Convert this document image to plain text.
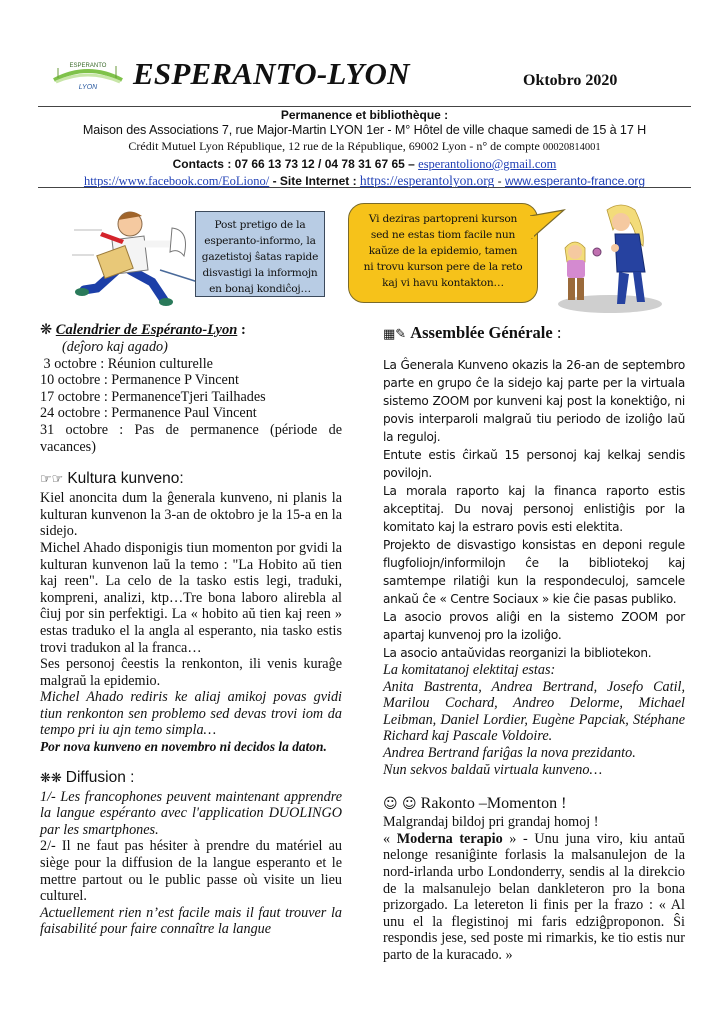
ESPERANTO
LYON ESPERANTO-LYON	Oktobro 2020
Permanence et bibliothèque :
Maison des Associations 7, rue Major-Martin LYON 1er - M° Hôtel de ville chaque samedi de 15 à 17 H
Crédit Mutuel Lyon République, 12 rue de la République, 69002 Lyon - n° de compte 00020814001
Contacts : 07 66 13 73 12 / 04 78 31 67 65 – esperantoliono@gmail.com
https://www.facebook.com/EoLiono/ - Site Internet : https://esperantolyon.org - www.esperanto-france.org
Post pretigo de la
esperanto-informo, la
gazetistoj ŝatas rapide
disvastigi la informojn
en bonaj kondiĉoj…
Vi deziras partopreni kurson
sed ne estas tiom facile nun
kaŭze de la epidemio, tamen
ni trovu kurson pere de la reto
kaj vi havu kontakton…
❋ Calendrier de Espéranto-Lyon :
(deĵoro kaj agado)
3 octobre : Réunion culturelle
10 octobre : Permanence P Vincent
17 octobre : PermanenceTjeri Tailhades
24 octobre : Permanence Paul Vincent
31 octobre : Pas de permanence (période de vacances)
☞☞ Kultura kunveno:

Kiel anoncita dum la ĝenerala kunveno, ni planis la kulturan kunvenon la 3-an de oktobro je la 15-a en la sidejo.

Michel Ahado disponigis tiun momenton por gvidi la kulturan kunvenon laŭ la temo : "La Hobito aŭ tien kaj reen". La celo de la tasko estis legi, traduki, kompreni, analizi, ktp…Tre bona laboro alirebla al ĉiuj por sin perfektigi. La « hobito aŭ tien kaj reen » estas traduko el la angla al esperanto, nia tasko estis trovi tradukon al la franca…

Ses personoj ĉeestis la renkonton, ili venis kuraĝe malgraŭ la epidemio.

Michel Ahado rediris ke aliaj amikoj povas gvidi tiun renkonton sen problemo sed devas trovi iom da tempo pri iu ajn temo simpla…

Por nova kunveno en novembro ni decidos la daton.

❋❋ Diffusion :

1/- Les francophones peuvent maintenant apprendre la langue espéranto avec l'application DUOLINGO par les smartphones.

2/- Il ne faut pas hésiter à prendre du matériel au siège pour la diffusion de la langue esperanto et le mettre partout ou le public passe où visite un lieu culturel.

Actuellement rien n’est facile mais il faut trouver la faisabilité pour faire connaître la langue

▦✎ Assemblée Générale :

La Ĝenerala Kunveno okazis la 26-an de septembro parte en grupo ĉe la sidejo kaj parte per la virtuala sistemo ZOOM por kunveni kaj post la konektiĝo, ni povis interparoli malgraŭ tiu periodo de izoliĝo laŭ la reguloj.

Entute estis ĉirkaŭ 15 personoj kaj kelkaj sendis povilojn.

La morala raporto kaj la financa raporto estis akceptitaj. Du novaj personoj enlistiĝis por la komitato kaj la estraro povis esti elektita.

Projekto de disvastigo konsistas en deponi regule flugfoliojn/informilojn ĉe la bibliotekoj kaj samtempe rilatiĝi kun la respondeculoj, samcele ankaŭ ĉe « Centre Sociaux » kie ĉie pasas publiko.

La asocio provos aliĝi en la sistemo ZOOM por apartaj kunvenoj pro la izoliĝo.

La asocio antaŭvidas reorganizi la bibliotekon.

La komitatanoj elektitaj estas:

Anita Bastrenta, Andrea Bertrand, Josefo Catil, Marilou Cochard, Andreo Delorme, Michael Leibman, Daniel Lordier, Eugène Papciak, Stéphane Richard kaj Pascale Voldoire.

Andrea Bertrand fariĝas la nova prezidanto.

Nun sekvos baldaŭ virtuala kunveno…

☺ ☺ Rakonto –Momenton !

Malgrandaj bildoj pri grandaj homoj !

« Moderna terapio » - Unu juna viro, kiu antaŭ nelonge resaniĝinte forlasis la malsanulejon de la nord-irlanda urbo Londonderry, sendis al la direkcio de la malsanulejo belan dankleteron pro la bona prizorgado. La letereton li finis per la frazo : « Al unu el la flegistinoj mi faris edziĝproponon. Ŝi respondis jese, sed poste mi rimarkis, ke tio estis nur parto de la kuracado. »
